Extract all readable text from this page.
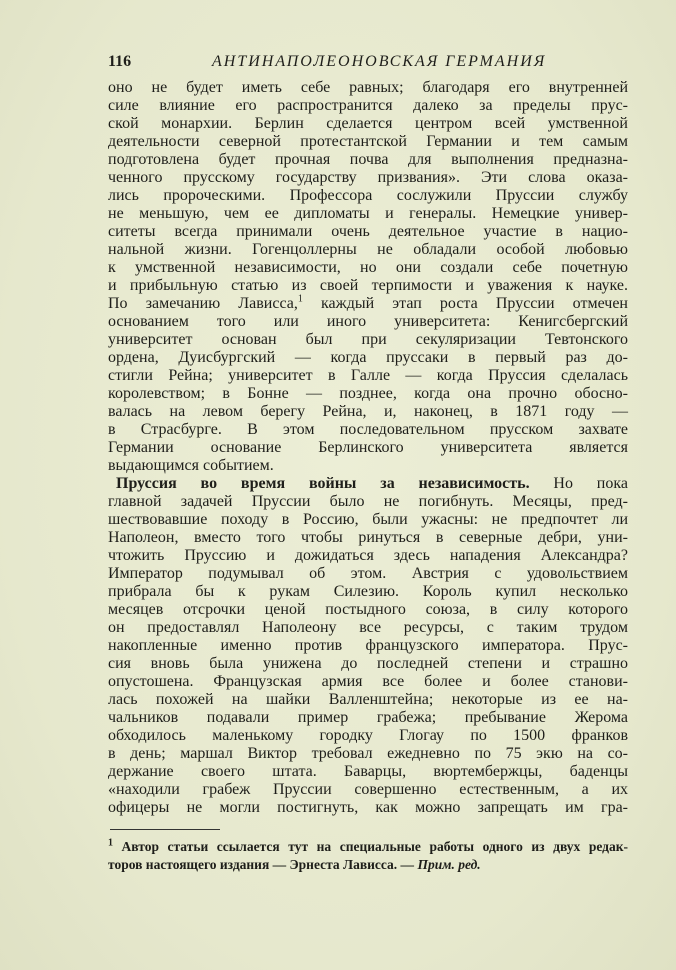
116	АНТИНАПОЛЕОНОВСКАЯ ГЕРМАНИЯ
оно не будет иметь себе равных; благодаря его внутренней
силе влияние его распространится далеко за пределы прус-
ской монархии. Берлин сделается центром всей умственной
деятельности северной протестантской Германии и тем самым
подготовлена будет прочная почва для выполнения предназна-
ченного прусскому государству призвания». Эти слова оказа-
лись пророческими. Профессора сослужили Пруссии службу
не меньшую, чем ее дипломаты и генералы. Немецкие универ-
ситеты всегда принимали очень деятельное участие в нацио-
нальной жизни. Гогенцоллерны не обладали особой любовью
к умственной независимости, но они создали себе почетную
и прибыльную статью из своей терпимости и уважения к науке.
По замечанию Лависса,$^1$ каждый этап роста Пруссии отмечен
основанием того или иного университета: Кенигсбергский
университет основан был при секуляризации Тевтонского
ордена, Дуисбургский — когда пруссаки в первый раз до-
стигли Рейна; университет в Галле — когда Пруссия сделалась
королевством; в Бонне — позднее, когда она прочно обосно-
валась на левом берегу Рейна, и, наконец, в 1871 году —
в Страсбурге. В этом последовательном прусском захвате
Германии основание Берлинского университета является
выдающимся событием.
Пруссия во время войны за независимость. Но пока
главной задачей Пруссии было не погибнуть. Месяцы, пред-
шествовавшие походу в Россию, были ужасны: не предпочтет ли
Наполеон, вместо того чтобы ринуться в северные дебри, уни-
чтожить Пруссию и дожидаться здесь нападения Александра?
Император подумывал об этом. Австрия с удовольствием
прибрала бы к рукам Силезию. Король купил несколько
месяцев отсрочки ценой постыдного союза, в силу которого
он предоставлял Наполеону все ресурсы, с таким трудом
накопленные именно против французского императора. Прус-
сия вновь была унижена до последней степени и страшно
опустошена. Французская армия все более и более станови-
лась похожей на шайки Валленштейна; некоторые из ее на-
чальников подавали пример грабежа; пребывание Жерома
обходилось маленькому городку Глогау по 1500 франков
в день; маршал Виктор требовал ежедневно по 75 экю на со-
держание своего штата. Баварцы, вюртембержцы, баденцы
«находили грабеж Пруссии совершенно естественным, а их
офицеры не могли постигнуть, как можно запрещать им гра-
$^1$ Автор статьи ссылается тут на специальные работы одного из двух редак-
торов настоящего издания — Эрнеста Лависса. — Прим. ред.
